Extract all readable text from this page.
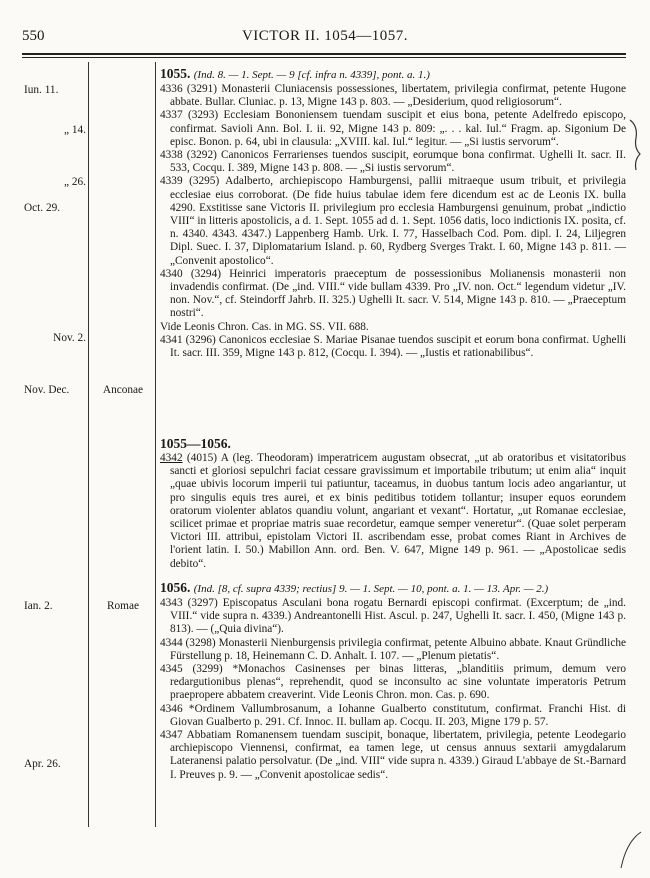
550	VICTOR II. 1054—1057.
Iun. 11.
„ 14.
„ 26.
Oct. 29.
Nov. 2.
Nov. Dec.
Ian. 2.
Apr. 26.
Anconae
Romae
1055. (Ind. 8. — 1. Sept. — 9 [cf. infra n. 4339], pont. a. 1.)

4336 (3291) Monasterii Cluniacensis possessiones, libertatem, privilegia confirmat, petente Hugone abbate. Bullar. Cluniac. p. 13, Migne 143 p. 803. — „Desiderium, quod religiosorum“.

4337 (3293) Ecclesiam Bononiensem tuendam suscipit et eius bona, petente Adelfredo episcopo, confirmat. Savioli Ann. Bol. I. ii. 92, Migne 143 p. 809: „. . . kal. Iul.“ Fragm. ap. Sigonium De episc. Bonon. p. 64, ubi in clausula: „XVIII. kal. Iul.“ legitur. — „Si iustis servorum“.

4338 (3292) Canonicos Ferrarienses tuendos suscipit, eorumque bona confirmat. Ughelli It. sacr. II. 533, Cocqu. I. 389, Migne 143 p. 808. — „Si iustis servorum“.

4339 (3295) Adalberto, archiepiscopo Hamburgensi, pallii mitraeque usum tribuit, et privilegia ecclesiae eius corroborat. (De fide huius tabulae idem fere dicendum est ac de Leonis IX. bulla 4290. Exstitisse sane Victoris II. privilegium pro ecclesia Hamburgensi genuinum, probat „indictio VIII“ in litteris apostolicis, a d. 1. Sept. 1055 ad d. 1. Sept. 1056 datis, loco indictionis IX. posita, cf. n. 4340. 4343. 4347.) Lappenberg Hamb. Urk. I. 77, Hasselbach Cod. Pom. dipl. I. 24, Liljegren Dipl. Suec. I. 37, Diplomatarium Island. p. 60, Rydberg Sverges Trakt. I. 60, Migne 143 p. 811. — „Convenit apostolico“.

4340 (3294) Heinrici imperatoris praeceptum de possessionibus Molianensis monasterii non invadendis confirmat. (De „ind. VIII.“ vide bullam 4339. Pro „IV. non. Oct.“ legendum videtur „IV. non. Nov.“, cf. Steindorff Jahrb. II. 325.) Ughelli It. sacr. V. 514, Migne 143 p. 810. — „Praeceptum nostri“.

Vide Leonis Chron. Cas. in MG. SS. VII. 688.

4341 (3296) Canonicos ecclesiae S. Mariae Pisanae tuendos suscipit et eorum bona confirmat. Ughelli It. sacr. III. 359, Migne 143 p. 812, (Cocqu. I. 394). — „Iustis et rationabilibus“.

1055—1056.

4342 (4015) A (leg. Theodoram) imperatricem augustam obsecrat, „ut ab oratoribus et visitatoribus sancti et gloriosi sepulchri faciat cessare gravissimum et importabile tributum; ut enim alia“ inquit „quae ubivis locorum imperii tui patiuntur, taceamus, in duobus tantum locis adeo angariantur, ut pro singulis equis tres aurei, et ex binis peditibus totidem tollantur; insuper equos eorundem oratorum violenter ablatos quandiu volunt, angariant et vexant“. Hortatur, „ut Romanae ecclesiae, scilicet primae et propriae matris suae recordetur, eamque semper veneretur“. (Quae solet perperam Victori III. attribui, epistolam Victori II. ascribendam esse, probat comes Riant in Archives de l'orient latin. I. 50.) Mabillon Ann. ord. Ben. V. 647, Migne 149 p. 961. — „Apostolicae sedis debito“.

1056. (Ind. [8, cf. supra 4339; rectius] 9. — 1. Sept. — 10, pont. a. 1. — 13. Apr. — 2.)

4343 (3297) Episcopatus Asculani bona rogatu Bernardi episcopi confirmat. (Excerptum; de „ind. VIII.“ vide supra n. 4339.) Andreantonelli Hist. Ascul. p. 247, Ughelli It. sacr. I. 450, (Migne 143 p. 813). — („Quia divina“).

4344 (3298) Monasterii Nienburgensis privilegia confirmat, petente Albuino abbate. Knaut Gründliche Fürstellung p. 18, Heinemann C. D. Anhalt. I. 107. — „Plenum pietatis“.

4345 (3299) *Monachos Casinenses per binas litteras, „blanditiis primum, demum vero redargutionibus plenas“, reprehendit, quod se inconsulto ac sine voluntate imperatoris Petrum praeproperе abbatem creaverint. Vide Leonis Chron. mon. Cas. p. 690.

4346 *Ordinem Vallumbrosanum, a Iohanne Gualberto constitutum, confirmat. Franchi Hist. di Giovan Gualberto p. 291. Cf. Innoc. II. bullam ap. Cocqu. II. 203, Migne 179 p. 57.

4347 Abbatiam Romanensem tuendam suscipit, bonaque, libertatem, privilegia, petente Leodegario archiepiscopo Viennensi, confirmat, ea tamen lege, ut census annuus sextarii amygdalarum Lateranensi palatio persolvatur. (De „ind. VIII“ vide supra n. 4339.) Giraud L'abbaye de St.-Barnard I. Preuves p. 9. — „Convenit apostolicae sedis“.
